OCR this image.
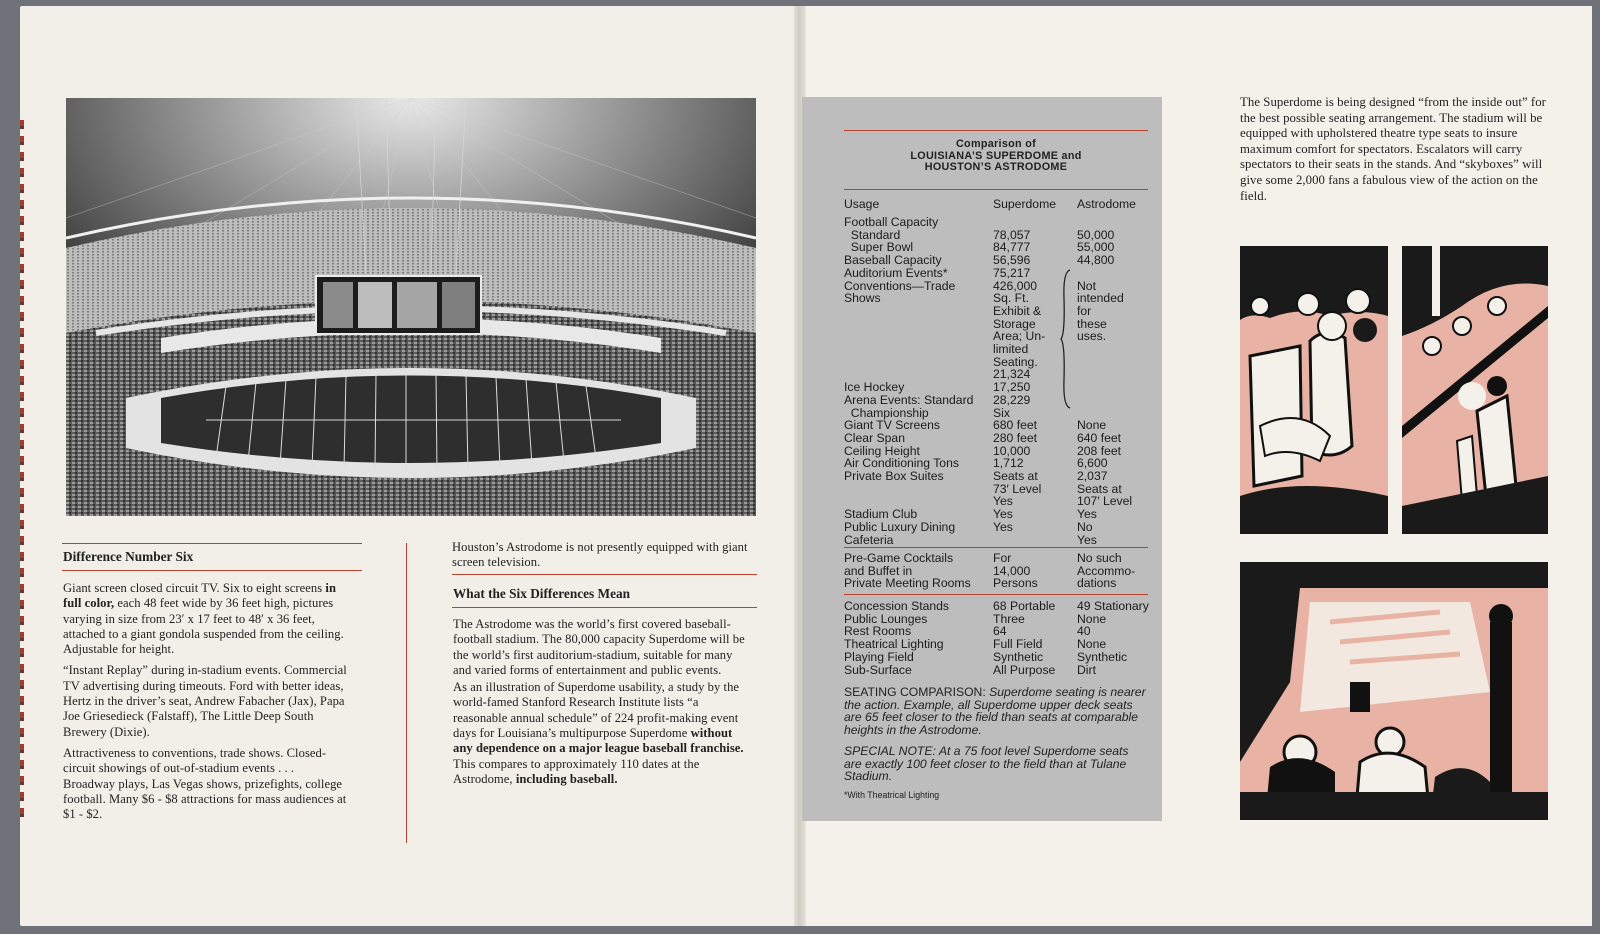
Difference Number Six

Giant screen closed circuit TV. Six to eight screens in full color, each 48 feet wide by 36 feet high, pictures varying in size from 23′ x 17 feet to 48′ x 36 feet, attached to a giant gondola suspended from the ceiling. Adjustable for height.

“Instant Replay” during in-stadium events. Commercial TV advertising during timeouts. Ford with better ideas, Hertz in the driver’s seat, Andrew Fabacher (Jax), Papa Joe Griesedieck (Falstaff), The Little Deep South Brewery (Dixie).

Attractiveness to conventions, trade shows. Closed-circuit showings of out-of-stadium events . . . Broadway plays, Las Vegas shows, prizefights, college football. Many $6 - $8 attractions for mass audiences at $1 - $2.

Houston’s Astrodome is not presently equipped with giant screen television.
What the Six Differences Mean

The Astrodome was the world’s first covered baseball-football stadium. The 80,000 capacity Superdome will be the world’s first auditorium-stadium, suitable for many and varied forms of entertainment and public events.

As an illustration of Superdome usability, a study by the world-famed Stanford Research Institute lists “a reasonable annual schedule” of 224 profit-making event days for Louisiana’s multipurpose Superdome without any dependence on a major league baseball franchise. This compares to approximately 110 dates at the Astrodome, including baseball.

Comparison of
LOUISIANA’S SUPERDOME and
HOUSTON’S ASTRODOME
Usage	Superdome Astrodome
Football Capacity
Standard
Super Bowl
Baseball Capacity
Auditorium Events*
Conventions—Trade
Shows

Ice Hockey
Arena Events: Standard
Championship
Giant TV Screens
Clear Span
Ceiling Height
Air Conditioning Tons
Private Box Suites

Stadium Club
Public Luxury Dining
Cafeteria

78,057
84,777
56,596
75,217
426,000
Sq. Ft.
Exhibit &
Storage
Area; Un-
limited
Seating.
21,324
17,250
28,229
Six
680 feet
280 feet
10,000
1,712
Seats at
73′ Level
Yes
Yes
Yes

50,000
55,000
44,800

Not
intended
for
these
uses.

None
640 feet
208 feet
6,600
2,037
Seats at
107′ Level
Yes
No
Yes
Pre-Game Cocktails
and Buffet in
Private Meeting Rooms
For
14,000
Persons
No such
Accommo-
dations
Concession Stands
Public Lounges
Rest Rooms
Theatrical Lighting
Playing Field
Sub-Surface
68 Portable
Three
64
Full Field
Synthetic
All Purpose
49 Stationary
None
40
None
Synthetic
Dirt
SEATING COMPARISON: Superdome seating is nearer the action. Example, all Superdome upper deck seats are 65 feet closer to the field than seats at comparable heights in the Astrodome.
SPECIAL NOTE: At a 75 foot level Superdome seats are exactly 100 feet closer to the field than at Tulane Stadium.
*With Theatrical Lighting
The Superdome is being designed “from the inside out” for the best possible seating arrangement. The stadium will be equipped with upholstered theatre type seats to insure maximum comfort for spectators. Escalators will carry spectators to their seats in the stands. And “skyboxes” will give some 2,000 fans a fabulous view of the action on the field.
